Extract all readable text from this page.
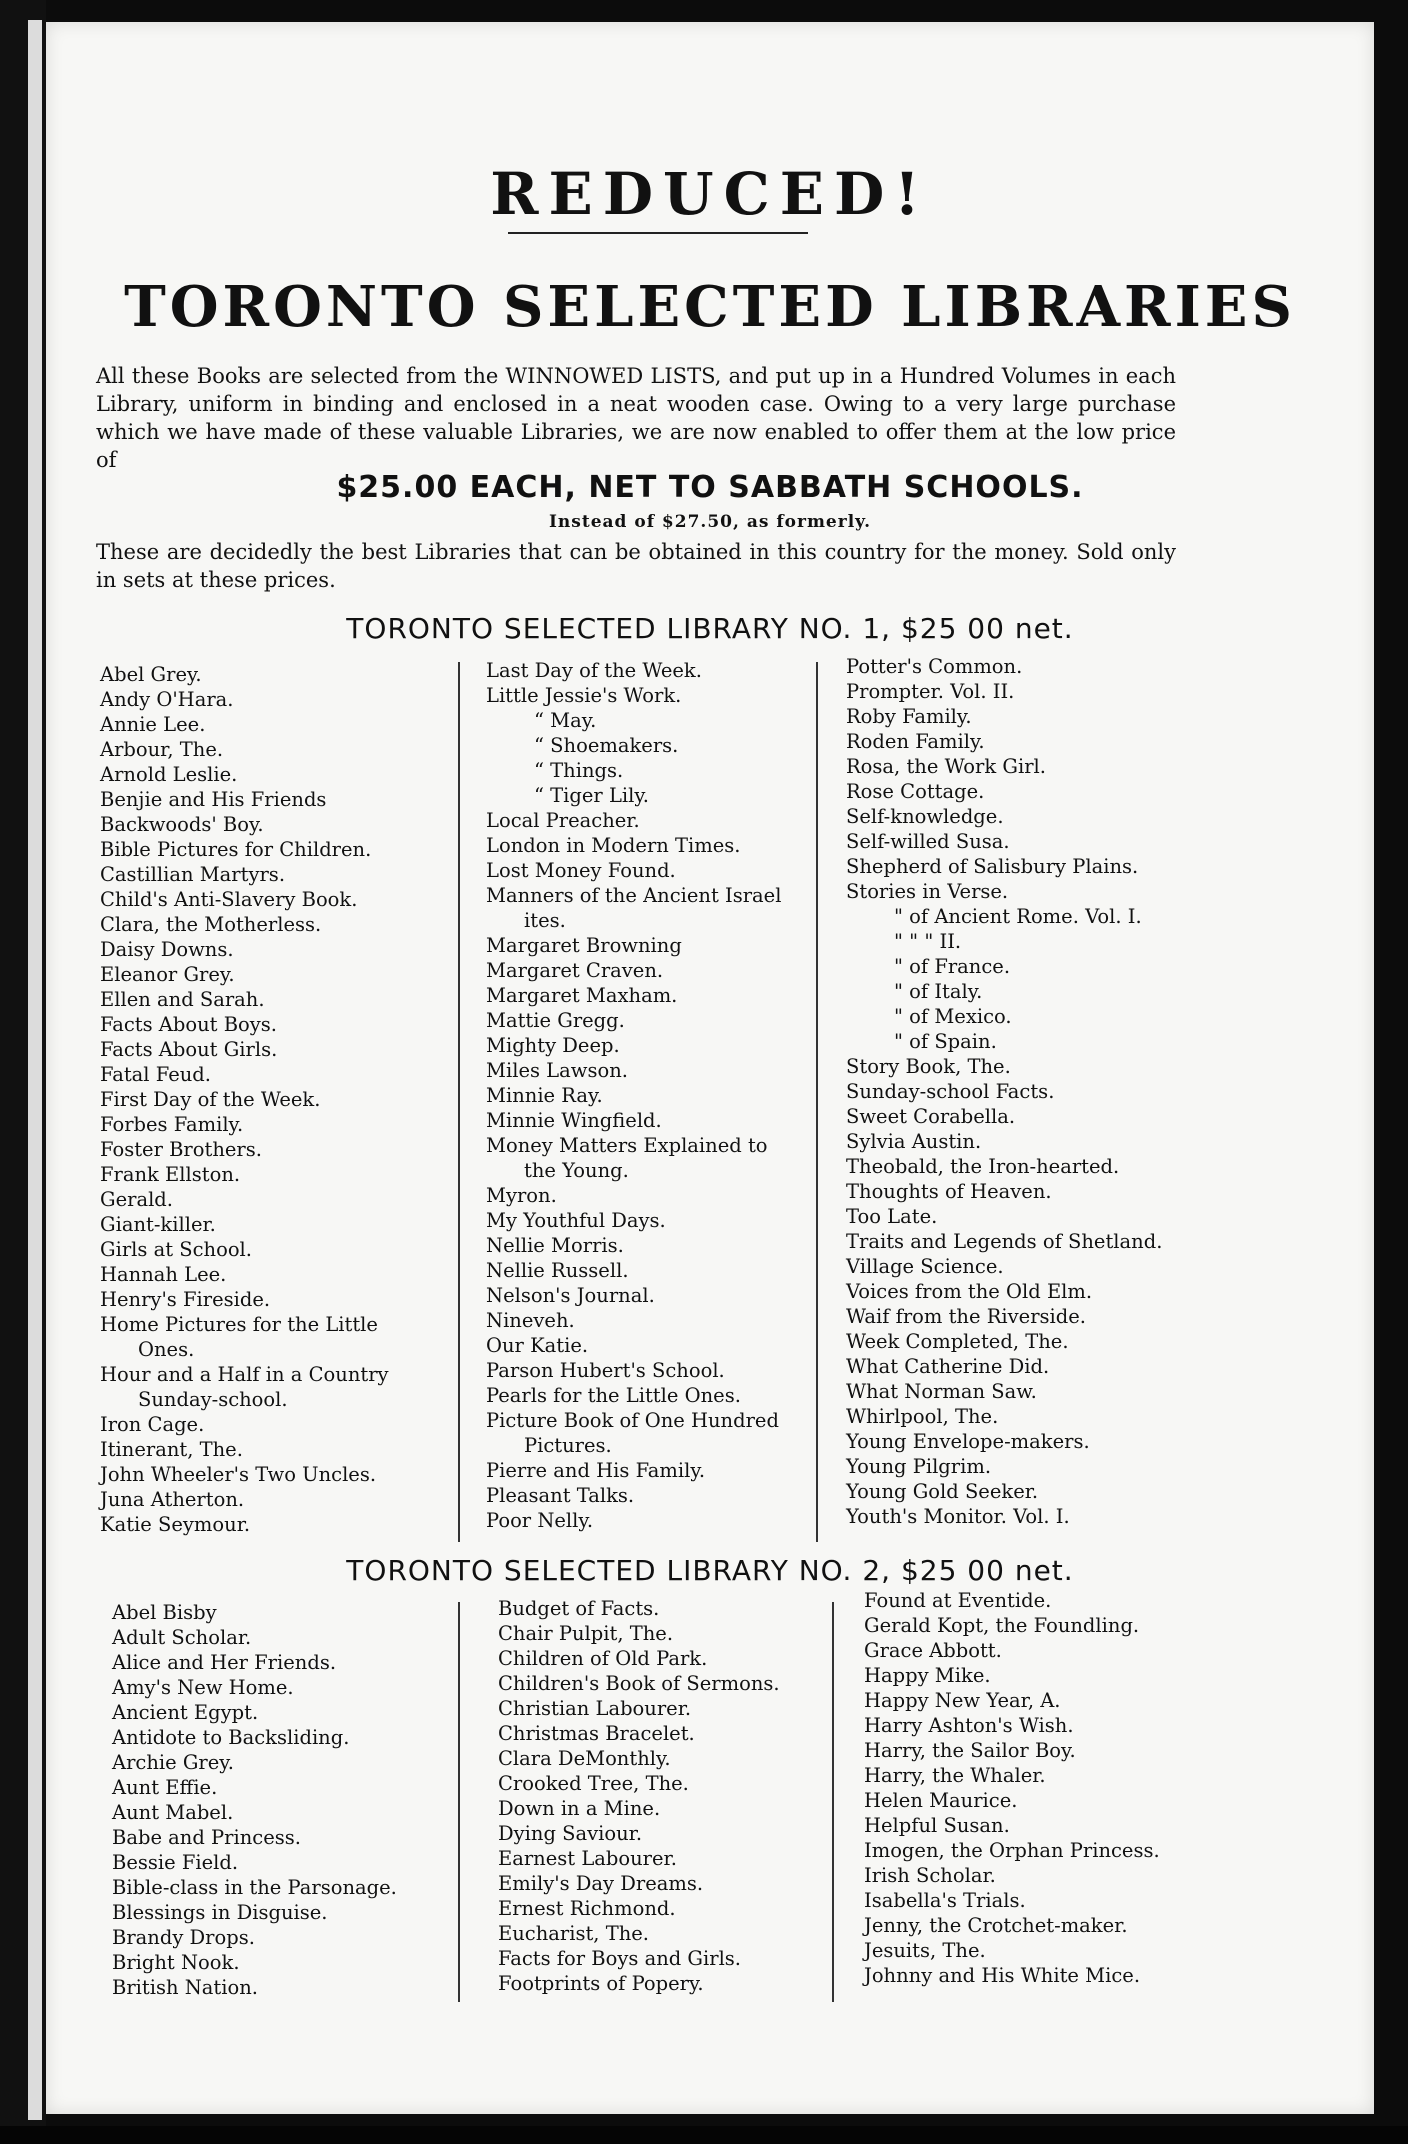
REDUCED!
TORONTO SELECTED LIBRARIES
All these Books are selected from the WINNOWED LISTS, and put up in a Hundred Volumes in each Library, uniform in binding and enclosed in a neat wooden case. Owing to a very large purchase which we have made of these valuable Libraries, we are now enabled to offer them at the low price of
$25.00 EACH, NET TO SABBATH SCHOOLS.
Instead of $27.50, as formerly.
These are decidedly the best Libraries that can be obtained in this country for the money. Sold only in sets at these prices.
TORONTO SELECTED LIBRARY NO. 1, $25 00 net.
Abel Grey.
Andy O'Hara.
Annie Lee.
Arbour, The.
Arnold Leslie.
Benjie and His Friends
Backwoods' Boy.
Bible Pictures for Children.
Castillian Martyrs.
Child's Anti-Slavery Book.
Clara, the Motherless.
Daisy Downs.
Eleanor Grey.
Ellen and Sarah.
Facts About Boys.
Facts About Girls.
Fatal Feud.
First Day of the Week.
Forbes Family.
Foster Brothers.
Frank Ellston.
Gerald.
Giant-killer.
Girls at School.
Hannah Lee.
Henry's Fireside.
Home Pictures for the Little
Ones.
Hour and a Half in a Country
Sunday-school.
Iron Cage.
Itinerant, The.
John Wheeler's Two Uncles.
Juna Atherton.
Katie Seymour.
Last Day of the Week.
Little Jessie's Work.
“ May.
“ Shoemakers.
“ Things.
“ Tiger Lily.
Local Preacher.
London in Modern Times.
Lost Money Found.
Manners of the Ancient Israel
ites.
Margaret Browning
Margaret Craven.
Margaret Maxham.
Mattie Gregg.
Mighty Deep.
Miles Lawson.
Minnie Ray.
Minnie Wingfield.
Money Matters Explained to
the Young.
Myron.
My Youthful Days.
Nellie Morris.
Nellie Russell.
Nelson's Journal.
Nineveh.
Our Katie.
Parson Hubert's School.
Pearls for the Little Ones.
Picture Book of One Hundred
Pictures.
Pierre and His Family.
Pleasant Talks.
Poor Nelly.
Potter's Common.
Prompter. Vol. II.
Roby Family.
Roden Family.
Rosa, the Work Girl.
Rose Cottage.
Self-knowledge.
Self-willed Susa.
Shepherd of Salisbury Plains.
Stories in Verse.
" of Ancient Rome. Vol. I.
" " " II.
" of France.
" of Italy.
" of Mexico.
" of Spain.
Story Book, The.
Sunday-school Facts.
Sweet Corabella.
Sylvia Austin.
Theobald, the Iron-hearted.
Thoughts of Heaven.
Too Late.
Traits and Legends of Shetland.
Village Science.
Voices from the Old Elm.
Waif from the Riverside.
Week Completed, The.
What Catherine Did.
What Norman Saw.
Whirlpool, The.
Young Envelope-makers.
Young Pilgrim.
Young Gold Seeker.
Youth's Monitor. Vol. I.
TORONTO SELECTED LIBRARY NO. 2, $25 00 net.
Abel Bisby
Adult Scholar.
Alice and Her Friends.
Amy's New Home.
Ancient Egypt.
Antidote to Backsliding.
Archie Grey.
Aunt Effie.
Aunt Mabel.
Babe and Princess.
Bessie Field.
Bible-class in the Parsonage.
Blessings in Disguise.
Brandy Drops.
Bright Nook.
British Nation.
Budget of Facts.
Chair Pulpit, The.
Children of Old Park.
Children's Book of Sermons.
Christian Labourer.
Christmas Bracelet.
Clara DeMonthly.
Crooked Tree, The.
Down in a Mine.
Dying Saviour.
Earnest Labourer.
Emily's Day Dreams.
Ernest Richmond.
Eucharist, The.
Facts for Boys and Girls.
Footprints of Popery.
Found at Eventide.
Gerald Kopt, the Foundling.
Grace Abbott.
Happy Mike.
Happy New Year, A.
Harry Ashton's Wish.
Harry, the Sailor Boy.
Harry, the Whaler.
Helen Maurice.
Helpful Susan.
Imogen, the Orphan Princess.
Irish Scholar.
Isabella's Trials.
Jenny, the Crotchet-maker.
Jesuits, The.
Johnny and His White Mice.
